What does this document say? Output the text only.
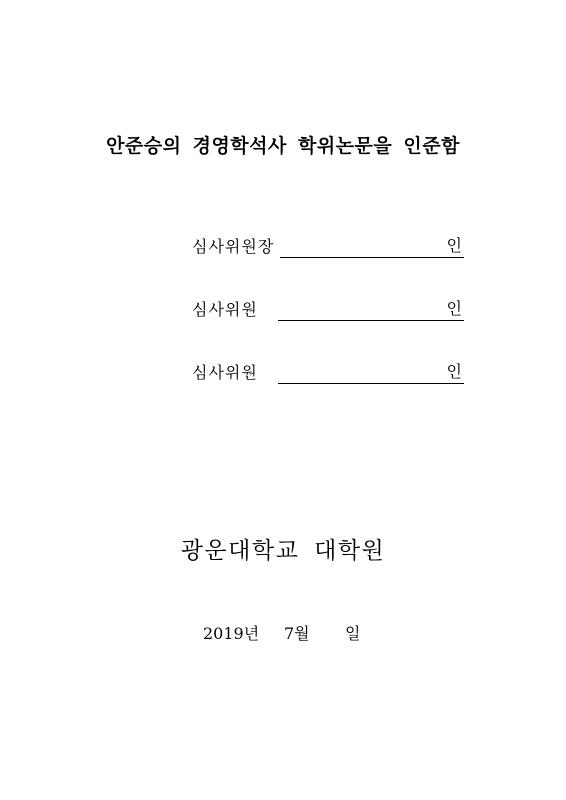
안준승의 경영학석사 학위논문을 인준함
심사위원장	인
심사위원	인
심사위원	인
광운대학교 대학원
2019년 7월 일
